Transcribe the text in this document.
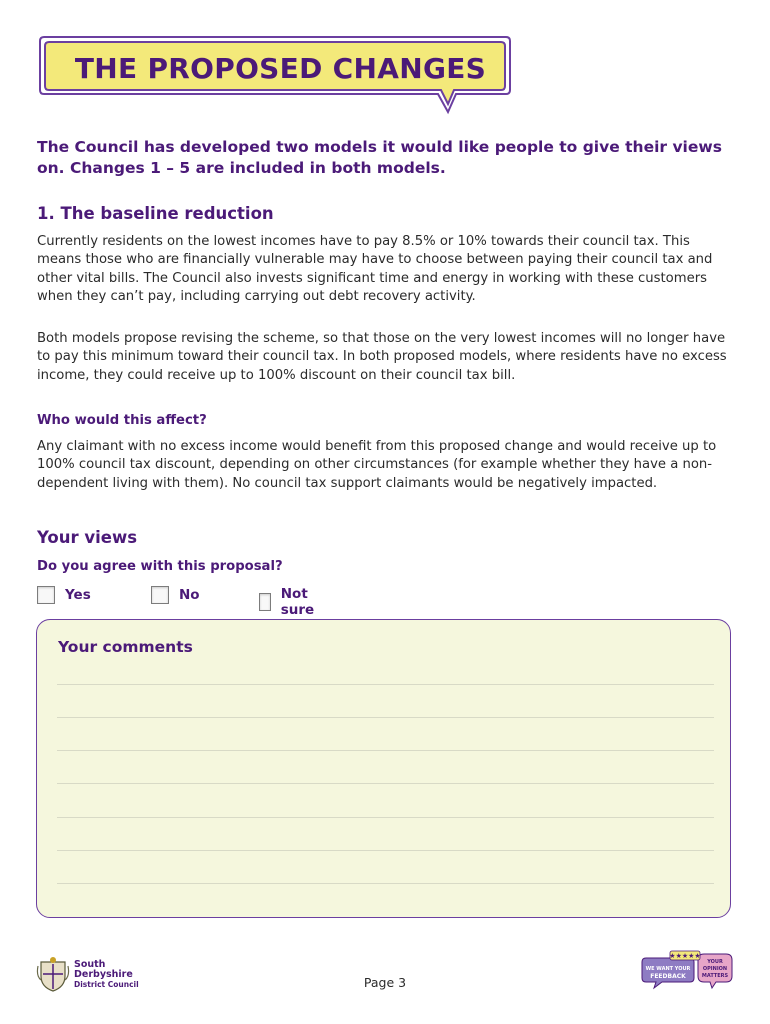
THE PROPOSED CHANGES

The Council has developed two models it would like people to give their views on. Changes 1 – 5 are included in both models.

1. The baseline reduction

Currently residents on the lowest incomes have to pay 8.5% or 10% towards their council tax. This means those who are financially vulnerable may have to choose between paying their council tax and other vital bills. The Council also invests significant time and energy in working with these customers when they can’t pay, including carrying out debt recovery activity.

Both models propose revising the scheme, so that those on the very lowest incomes will no longer have to pay this minimum toward their council tax. In both proposed models, where residents have no excess income, they could receive up to 100% discount on their council tax bill.

Who would this affect?

Any claimant with no excess income would benefit from this proposed change and would receive up to 100% council tax discount, depending on other circumstances (for example whether they have a non-dependent living with them). No council tax support claimants would be negatively impacted.

Your views

Do you agree with this proposal?

Yes	No	Not sure
Your comments
South
Derbyshire
District Council	Page 3
★★★★★
WE WANT YOUR
FEEDBACK
YOUR
OPINION
MATTERS
